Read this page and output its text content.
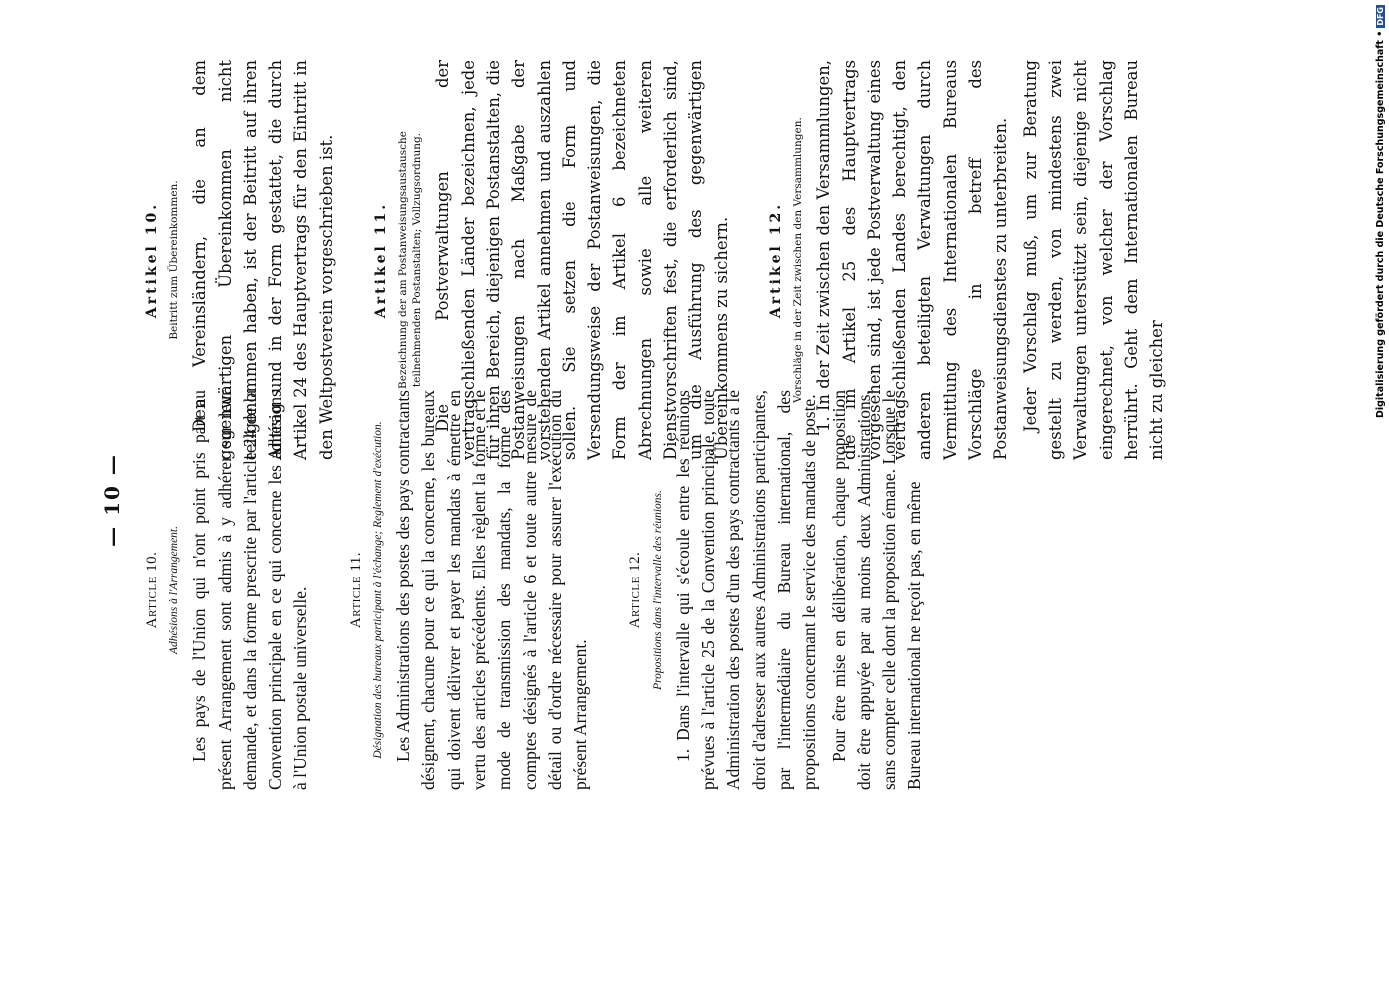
— 10 —
Article 10. Adhésions à l'Arrangement. Les pays de l'Union qui n'ont point pris part au présent Arrangement sont admis à y adhérer sur leur demande, et dans la forme prescrite par l'article 24 de la Convention principale en ce qui concerne les adhésions à l'Union postale universelle. Article 11. Désignation des bureaux participant à l'échange; Reglement d'exécution. Les Administrations des postes des pays contractants désignent, chacune pour ce qui la concerne, les bureaux qui doivent délivrer et payer les mandats à émettre en vertu des articles précédents. Elles règlent la forme et le mode de transmission des mandats, la forme des comptes désignés à l'article 6 et toute autre mesure de détail ou d'ordre nécessaire pour assurer l'exécution du présent Arrangement.

Article 12. Propositions dans l'intervalle des réunions. 1. Dans l'intervalle qui s'écoule entre les réunions prévues à l'article 25 de la Convention principale, toute Administration des postes d'un des pays contractants a le droit d'adresser aux autres Administrations participantes, par l'intermédiaire du Bureau international, des propositions concernant le service des mandats de poste. Pour être mise en délibération, chaque proposition doit être appuyée par au moins deux Administrations, sans compter celle dont la proposition émane. Lorsque le Bureau international ne reçoit pas, en même

Artikel 10. Beitritt zum Übereinkommen. Den Vereinsländern, die an dem gegenwärtigen Übereinkommen nicht teilgenommen haben, ist der Beitritt auf ihren Antrag und in der Form gestattet, die durch Artikel 24 des Hauptvertrags für den Eintritt in den Weltpostverein vorgeschrieben ist.	Artikel 11. Bezeichnung der am Postanweisungsaustausche teilnehmenden Postanstalten; Vollzugsordnung. Die Postverwaltungen der vertragschließenden Länder bezeichnen, jede für ihren Bereich, diejenigen Postanstalten, die Postanweisungen nach Maßgabe der vorstehenden Artikel annehmen und auszahlen sollen. Sie setzen die Form und Versendungsweise der Postanweisungen, die Form der im Artikel 6 bezeichneten Abrechnungen sowie alle weiteren Dienstvorschriften fest, die erforderlich sind, um die Ausführung des gegenwärtigen Übereinkommens zu sichern.	Artikel 12. Vorschläge in der Zeit zwischen den Versammlungen. 1. In der Zeit zwischen den Versammlungen, die im Artikel 25 des Hauptvertrags vorgesehen sind, ist jede Postverwaltung eines vertragschließenden Landes berechtigt, den anderen beteiligten Verwaltungen durch Vermittlung des Internationalen Bureaus Vorschläge in betreff des Postanweisungsdienstes zu unterbreiten. Jeder Vorschlag muß, um zur Beratung gestellt zu werden, von mindestens zwei Verwaltungen unterstützt sein, diejenige nicht eingerechnet, von welcher der Vorschlag herrührt. Geht dem Internationalen Bureau nicht zu gleicher	Digitalisierung gefördert durch die Deutsche Forschungsgemeinschaft •DFG
